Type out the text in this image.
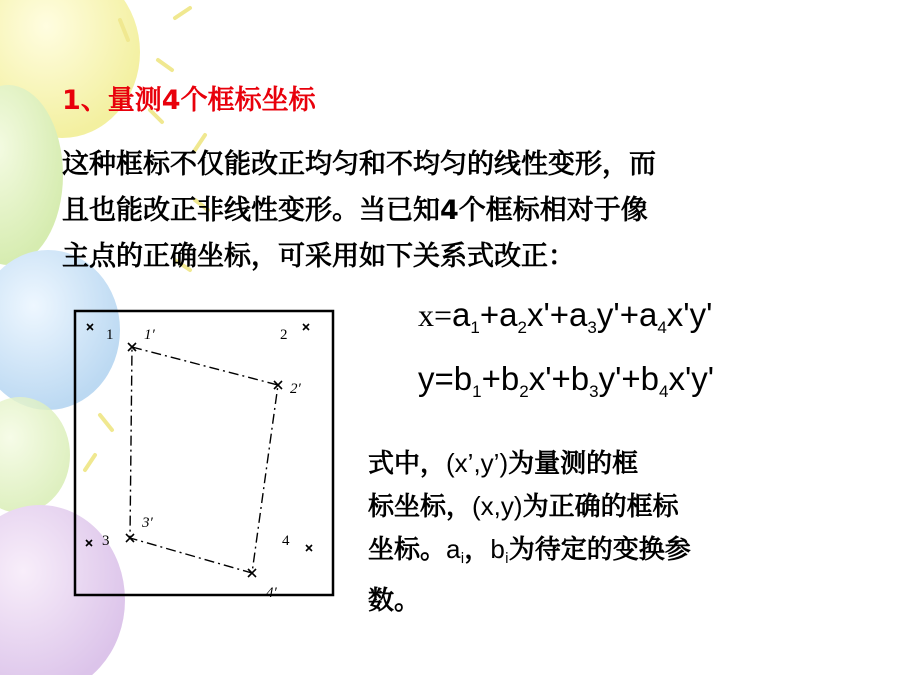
1、量测4个框标坐标
这种框标不仅能改正均匀和不均匀的线性变形，而
且也能改正非线性变形。当已知4个框标相对于像
主点的正确坐标，可采用如下关系式改正：
$x=a_1+a_2x'+a_3y'+a_4x'y'$
$y=b_1+b_2x'+b_3y'+b_4x'y'$
式中，(x’,y’)为量测的框
标坐标，(x,y)为正确的框标
坐标。$a_i$，$b_i$为待定的变换参
数。
1	2
3	4
1′
2′
3′
4′
